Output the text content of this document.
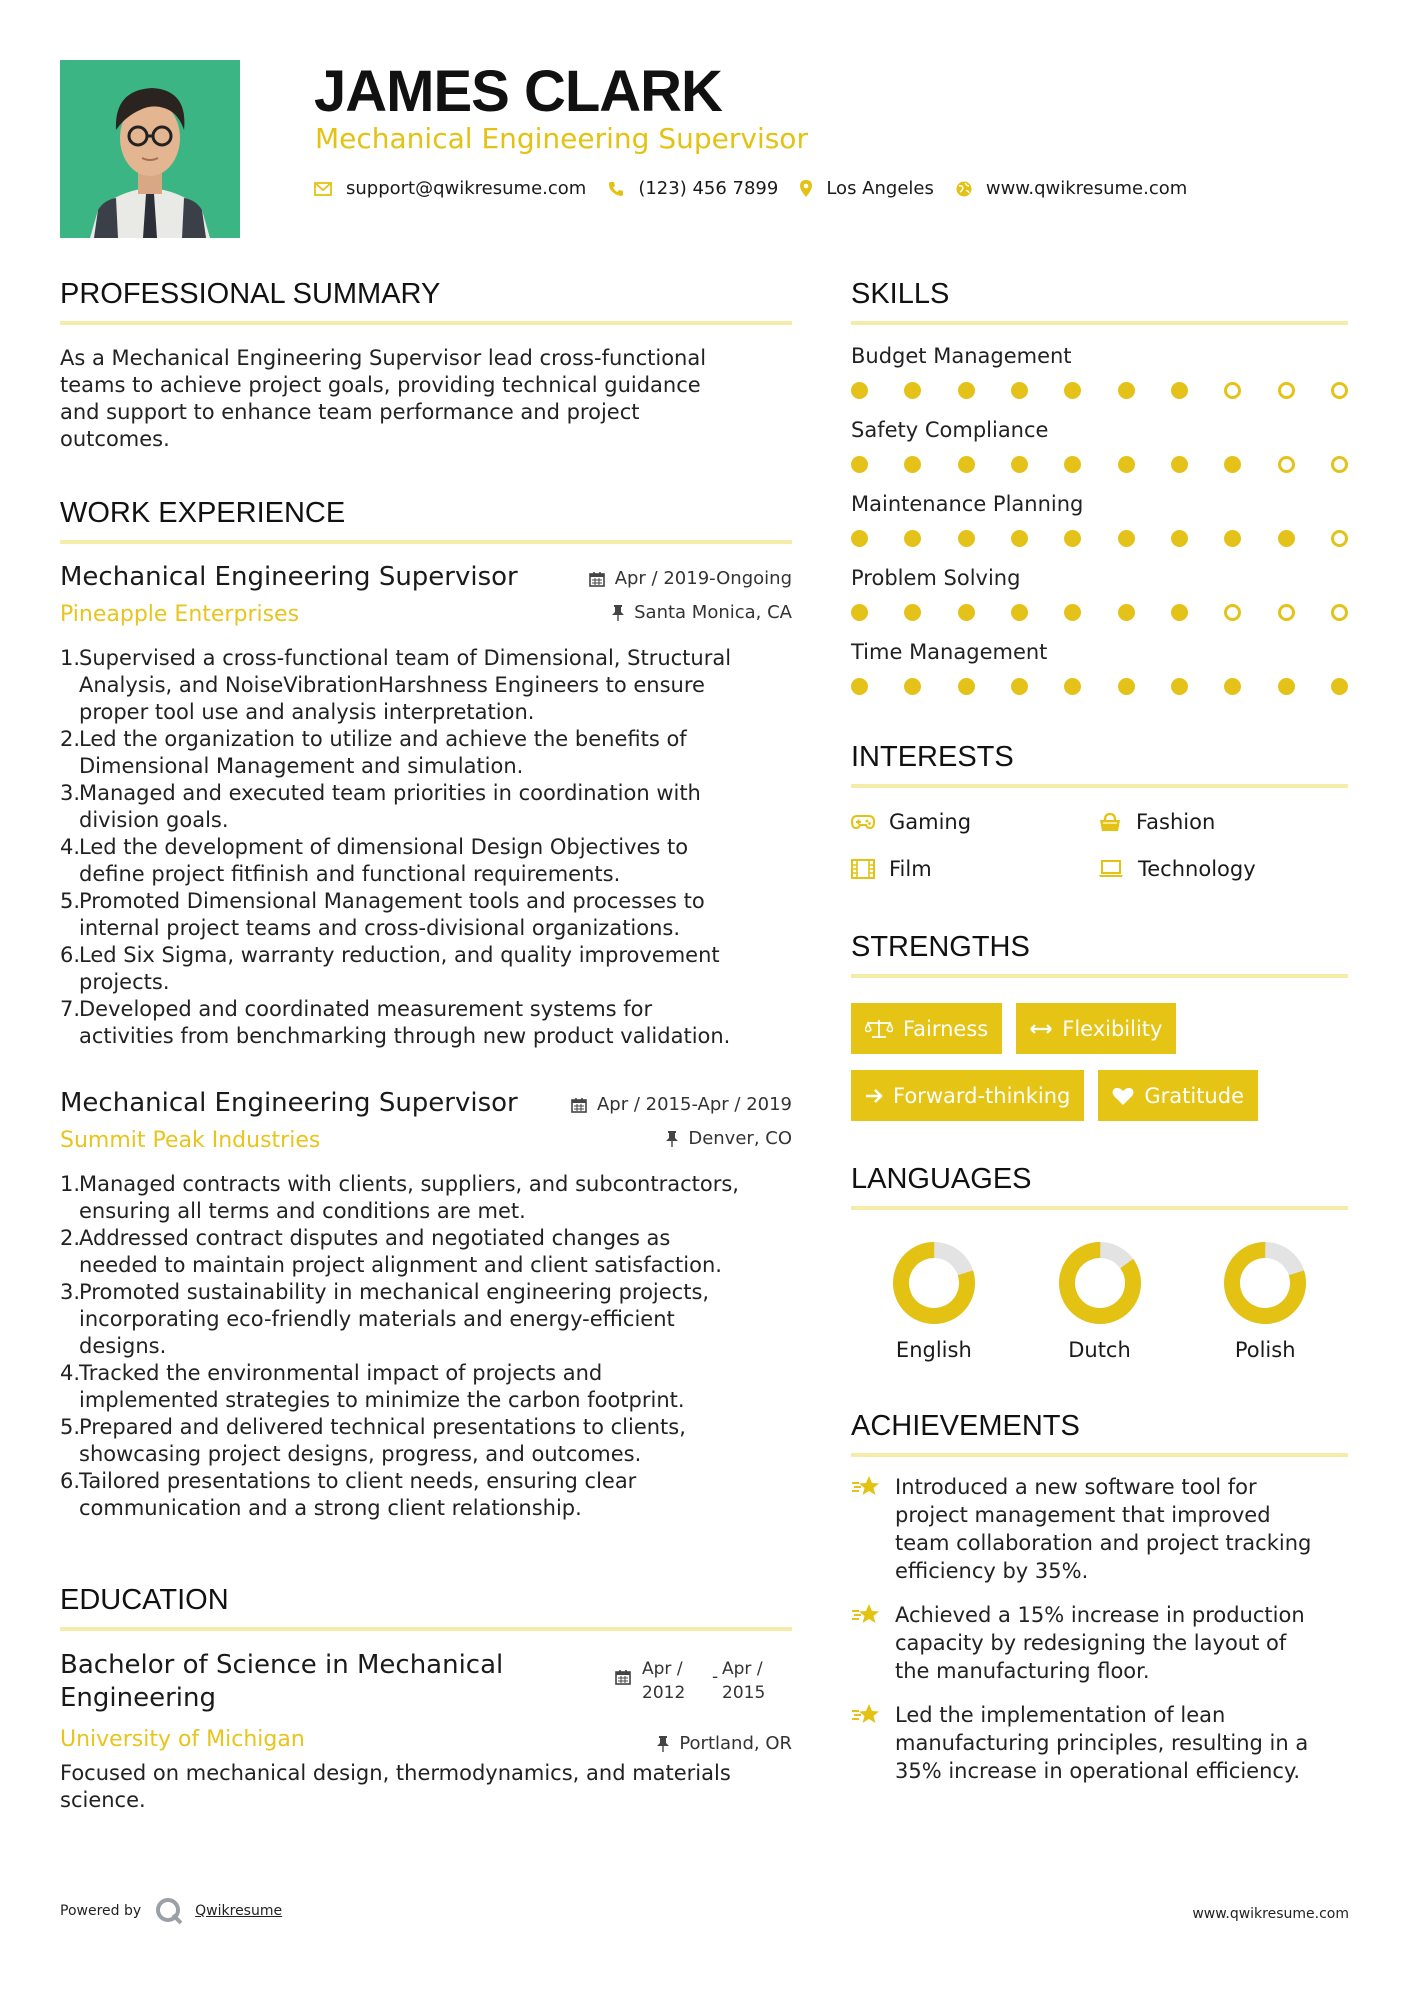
JAMES CLARK
Mechanical Engineering Supervisor
support@qwikresume.com	(123) 456 7899	Los Angeles	www.qwikresume.com
PROFESSIONAL SUMMARY
As a Mechanical Engineering Supervisor lead cross-functional
teams to achieve project goals, providing technical guidance
and support to enhance team performance and project
outcomes.
WORK EXPERIENCE
Mechanical Engineering Supervisor
Pineapple Enterprises
Apr / 2019-Ongoing
Santa Monica, CA
1.
Supervised a cross-functional team of Dimensional, Structural
Analysis, and NoiseVibrationHarshness Engineers to ensure
proper tool use and analysis interpretation.
2.
Led the organization to utilize and achieve the benefits of
Dimensional Management and simulation.
3.
Managed and executed team priorities in coordination with
division goals.
4.
Led the development of dimensional Design Objectives to
define project fitfinish and functional requirements.
5.
Promoted Dimensional Management tools and processes to
internal project teams and cross-divisional organizations.
6.
Led Six Sigma, warranty reduction, and quality improvement
projects.
7.
Developed and coordinated measurement systems for
activities from benchmarking through new product validation.
Mechanical Engineering Supervisor
Summit Peak Industries
Apr / 2015-Apr / 2019
Denver, CO
1.
Managed contracts with clients, suppliers, and subcontractors,
ensuring all terms and conditions are met.
2.
Addressed contract disputes and negotiated changes as
needed to maintain project alignment and client satisfaction.
3.
Promoted sustainability in mechanical engineering projects,
incorporating eco-friendly materials and energy-efficient
designs.
4.
Tracked the environmental impact of projects and
implemented strategies to minimize the carbon footprint.
5.
Prepared and delivered technical presentations to clients,
showcasing project designs, progress, and outcomes.
6.
Tailored presentations to client needs, ensuring clear
communication and a strong client relationship.
EDUCATION
Bachelor of Science in Mechanical
Engineering
Apr /
2012
- Apr /
2015
University of Michigan	Portland, OR
Focused on mechanical design, thermodynamics, and materials
science.
SKILLS
Budget Management
Safety Compliance
Maintenance Planning
Problem Solving
Time Management
INTERESTS
Gaming	Fashion
Film	Technology
STRENGTHS
Fairness	Flexibility
Forward-thinking	Gratitude
LANGUAGES
English	Dutch	Polish
ACHIEVEMENTS
Introduced a new software tool for
project management that improved
team collaboration and project tracking
efficiency by 35%.
Achieved a 15% increase in production
capacity by redesigning the layout of
the manufacturing floor.
Led the implementation of lean
manufacturing principles, resulting in a
35% increase in operational efficiency.
Powered by	Qwikresume	www.qwikresume.com
